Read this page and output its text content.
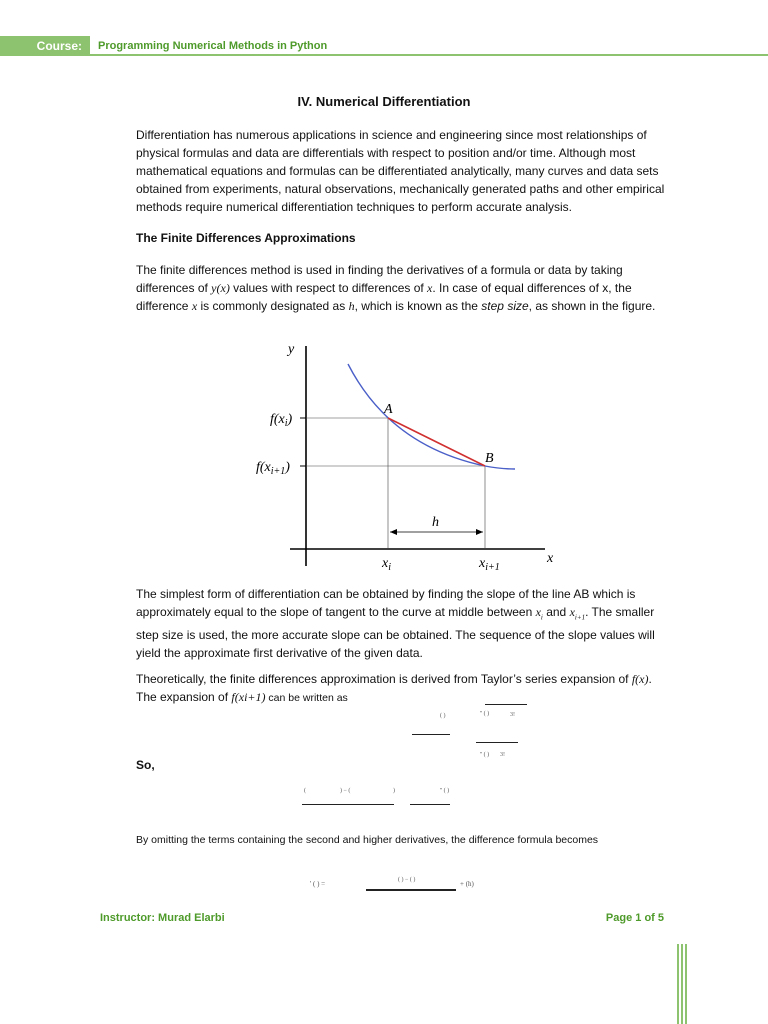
Course:	Programming Numerical Methods in Python
IV. Numerical Differentiation
Differentiation has numerous applications in science and engineering since most relationships of physical formulas and data are differentials with respect to position and/or time. Although most mathematical equations and formulas can be differentiated analytically, many curves and data sets obtained from experiments, natural observations, mechanically generated paths and other empirical methods require numerical differentiation techniques to perform accurate analysis.
The Finite Differences Approximations
The finite differences method is used in finding the derivatives of a formula or data by taking differences of y(x) values with respect to differences of x. In case of equal differences of x, the difference x is commonly designated as h, which is known as the step size, as shown in the figure.
y
x
A
B
$f(x_i)$
$f(x_{i+1})$
h
$x_i$	$x_{i+1}$
The simplest form of differentiation can be obtained by finding the slope of the line AB which is approximately equal to the slope of tangent to the curve at middle between $x_i$ and $x_{i+1}$. The smaller step size is used, the more accurate slope can be obtained. The sequence of the slope values will yield the approximate first derivative of the given data.
Theoretically, the finite differences approximation is derived from Taylor’s series expansion of f(x). The expansion of f(xi+1) can be written as
( )	'' ( )	3!
'' ( ) 3!
So,
(	) − (	)	'' ( )
By omitting the terms containing the second and higher derivatives, the difference formula becomes
' ( ) =	( ) − ( )	+ (h)
Instructor: Murad Elarbi	Page 1 of 5
